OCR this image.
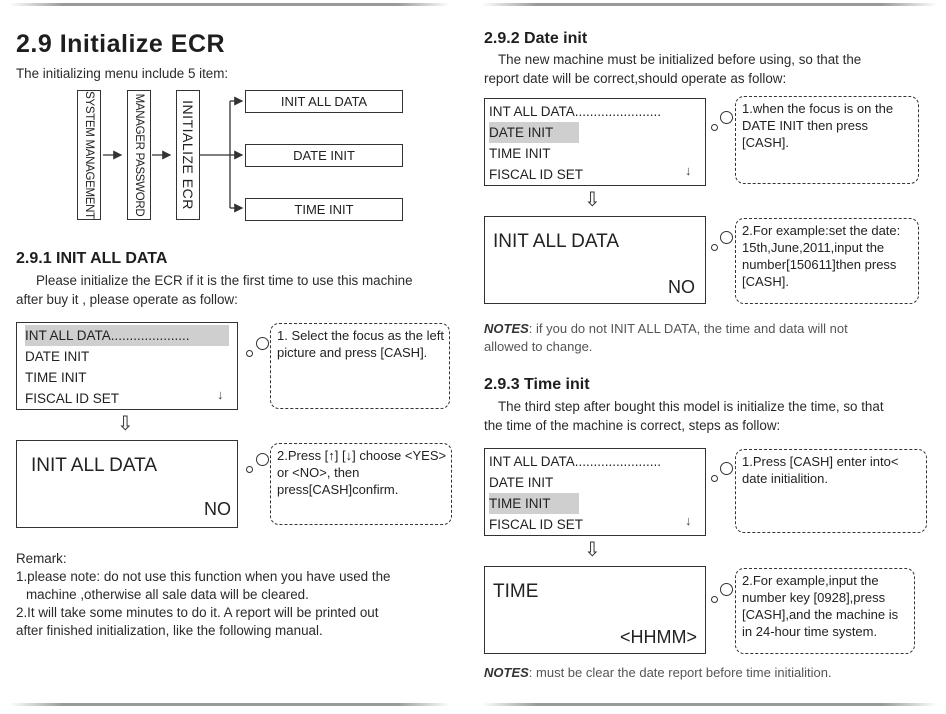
2.9 Initialize ECR
The initializing menu include 5 item:
SYSTEM MANAGEMENT	MANAGER PASSWORD	INITIALIZE ECR	INIT ALL DATA
DATE INIT
TIME INIT
2.9.1 INIT ALL DATA
Please initialize the ECR if it is the first time to use this machine
after buy it , please operate as follow:
INT ALL DATA.....................
DATE INIT
TIME INIT
FISCAL ID SET	↓
1. Select the focus as the left picture and press [CASH].
⇩
INIT ALL DATA
NO
2.Press [↑] [↓] choose <YES> or <NO>, then press[CASH]confirm.
Remark:
1.please note: do not use this function when you have used the
machine ,otherwise all sale data will be cleared.
2.It will take some minutes to do it. A report will be printed out
after finished initialization, like the following manual.
2.9.2 Date init
The new machine must be initialized before using, so that the
report date will be correct,should operate as follow:
INT ALL DATA.......................
DATE INIT
TIME INIT
FISCAL ID SET	↓
1.when the focus is on the DATE INIT then press [CASH].
⇩
INIT ALL DATA
NO
2.For example:set the date: 15th,June,2011,input the number[150611]then press [CASH].
NOTES: if you do not INIT ALL DATA, the time and data will not
allowed to change.
2.9.3 Time init
The third step after bought this model is initialize the time, so that
the time of the machine is correct, steps as follow:
INT ALL DATA.......................
DATE INIT
TIME INIT
FISCAL ID SET	↓
1.Press [CASH] enter into< date initialition.
⇩
TIME
<HHMM>
2.For example,input the number key [0928],press [CASH],and the machine is in 24-hour time system.
NOTES: must be clear the date report before time initialition.
